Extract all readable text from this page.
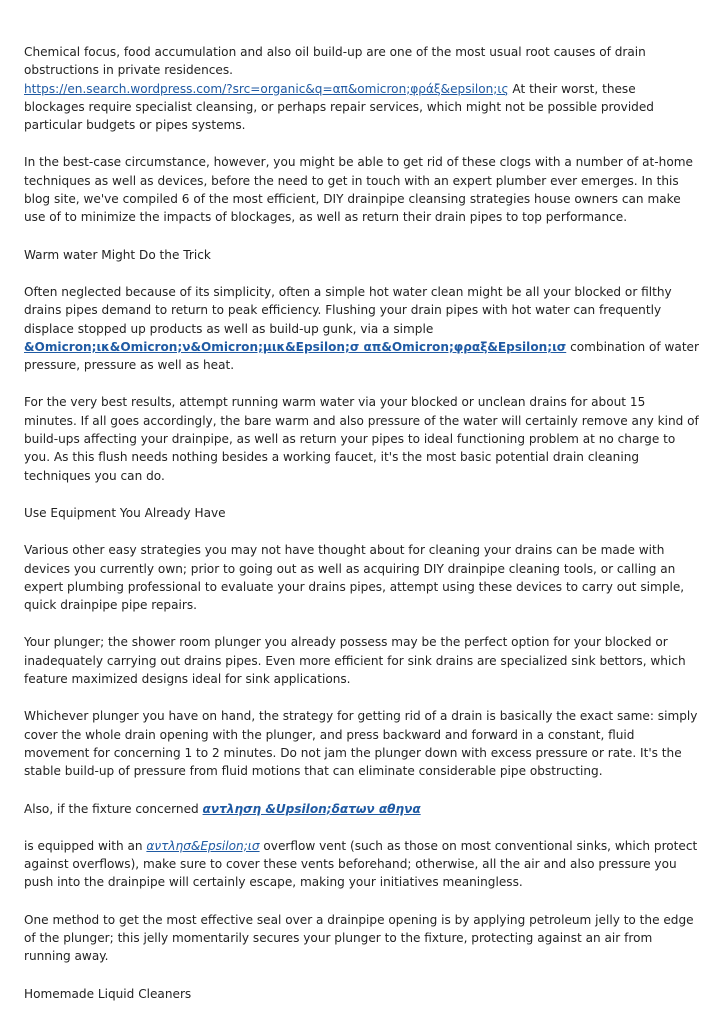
Chemical focus, food accumulation and also oil build-up are one of the most usual root causes of drain obstructions in private residences.
https://en.search.wordpress.com/?src=organic&q=απ&omicron;φράξ&epsilon;ις At their worst, these blockages require specialist cleansing, or perhaps repair services, which might not be possible provided particular budgets or pipes systems.

In the best-case circumstance, however, you might be able to get rid of these clogs with a number of at-home techniques as well as devices, before the need to get in touch with an expert plumber ever emerges. In this blog site, we've compiled 6 of the most efficient, DIY drainpipe cleansing strategies house owners can make use of to minimize the impacts of blockages, as well as return their drain pipes to top performance.

Warm water Might Do the Trick

Often neglected because of its simplicity, often a simple hot water clean might be all your blocked or filthy drains pipes demand to return to peak efficiency. Flushing your drain pipes with hot water can frequently displace stopped up products as well as build-up gunk, via a simple &Omicron;ικ&Omicron;ν&Omicron;μικ&Epsilon;σ απ&Omicron;φραξ&Epsilon;ισ combination of water pressure, pressure as well as heat.

For the very best results, attempt running warm water via your blocked or unclean drains for about 15 minutes. If all goes accordingly, the bare warm and also pressure of the water will certainly remove any kind of build-ups affecting your drainpipe, as well as return your pipes to ideal functioning problem at no charge to you. As this flush needs nothing besides a working faucet, it's the most basic potential drain cleaning techniques you can do.

Use Equipment You Already Have

Various other easy strategies you may not have thought about for cleaning your drains can be made with devices you currently own; prior to going out as well as acquiring DIY drainpipe cleaning tools, or calling an expert plumbing professional to evaluate your drains pipes, attempt using these devices to carry out simple, quick drainpipe pipe repairs.

Your plunger; the shower room plunger you already possess may be the perfect option for your blocked or inadequately carrying out drains pipes. Even more efficient for sink drains are specialized sink bettors, which feature maximized designs ideal for sink applications.

Whichever plunger you have on hand, the strategy for getting rid of a drain is basically the exact same: simply cover the whole drain opening with the plunger, and press backward and forward in a constant, fluid movement for concerning 1 to 2 minutes. Do not jam the plunger down with excess pressure or rate. It's the stable build-up of pressure from fluid motions that can eliminate considerable pipe obstructing.

Also, if the fixture concerned αντληση &Upsilon;δατων αθηνα

is equipped with an αντλησ&Epsilon;ισ overflow vent (such as those on most conventional sinks, which protect against overflows), make sure to cover these vents beforehand; otherwise, all the air and also pressure you push into the drainpipe will certainly escape, making your initiatives meaningless.

One method to get the most effective seal over a drainpipe opening is by applying petroleum jelly to the edge of the plunger; this jelly momentarily secures your plunger to the fixture, protecting against an air from running away.

Homemade Liquid Cleaners
